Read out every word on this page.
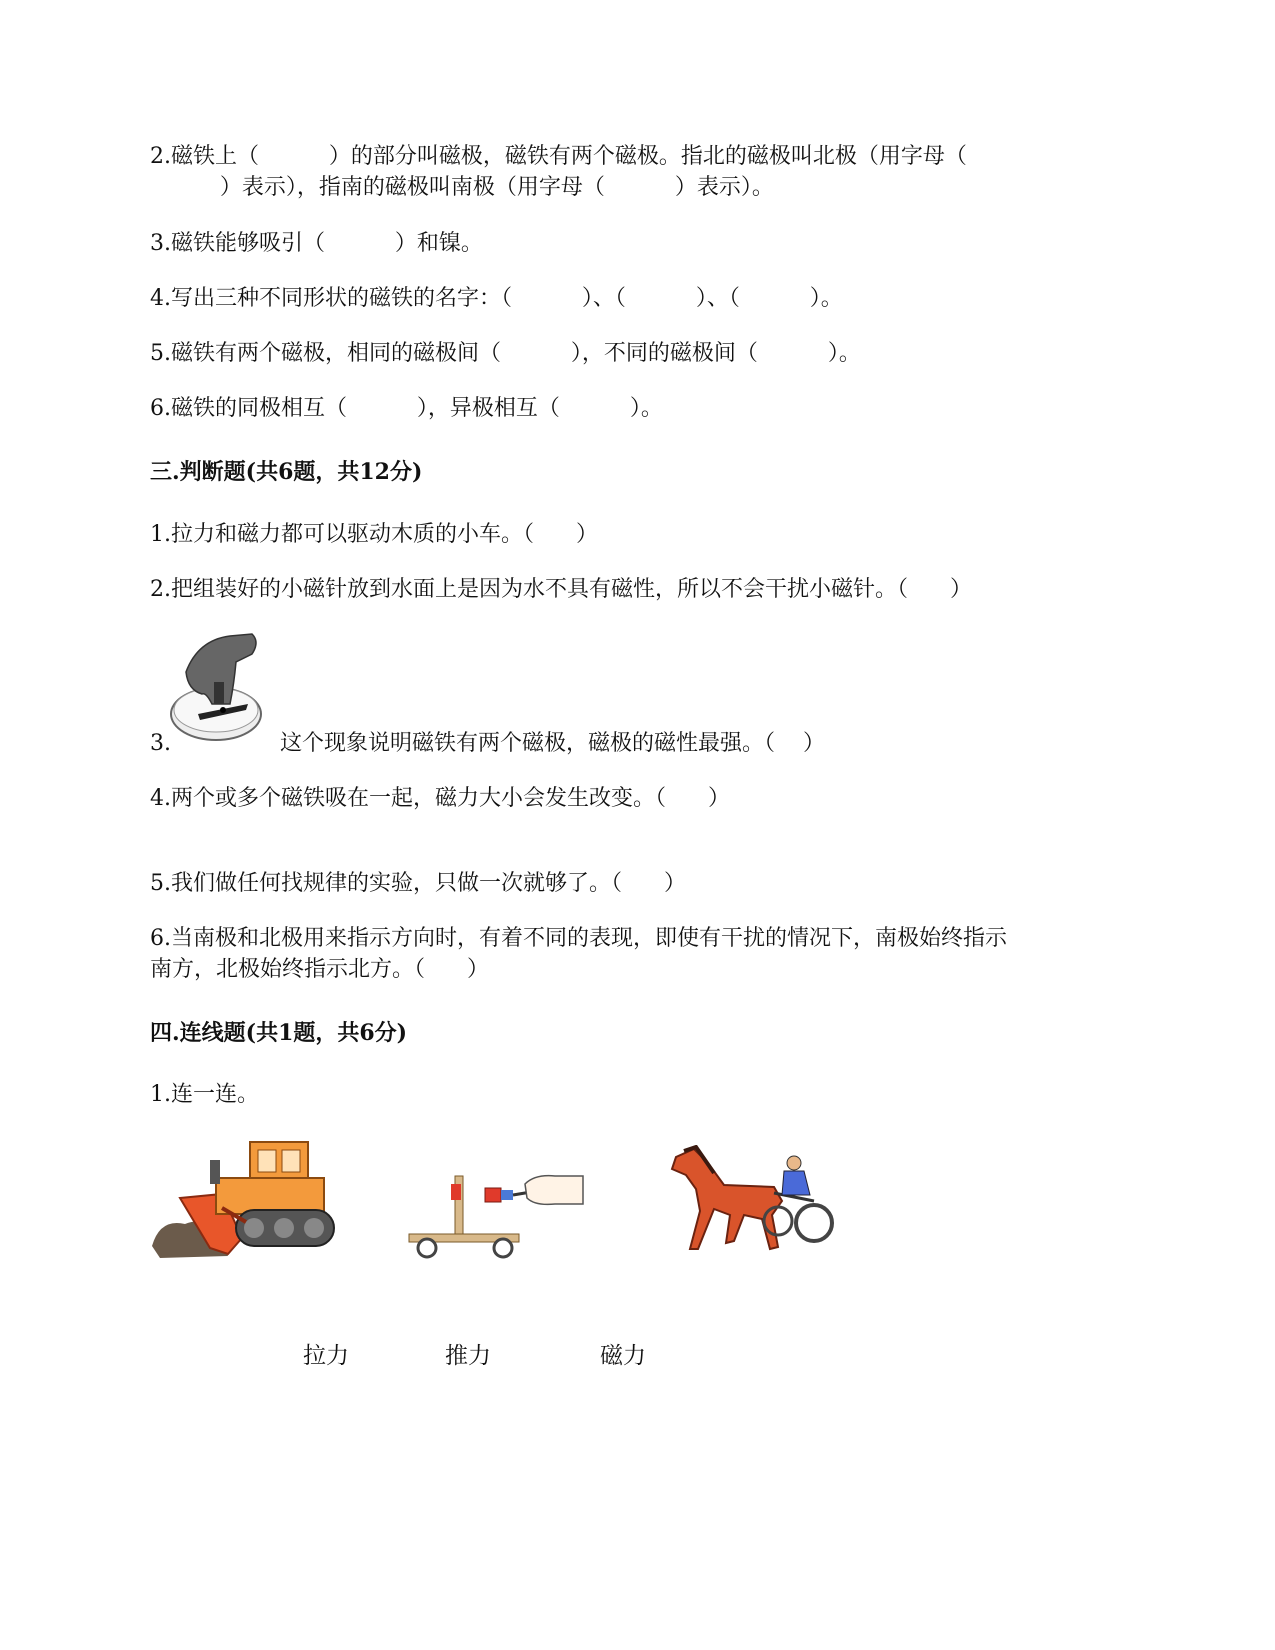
2.磁铁上（          ）的部分叫磁极，磁铁有两个磁极。指北的磁极叫北极（用字母（
）表示），指南的磁极叫南极（用字母（          ）表示）。
3.磁铁能够吸引（          ）和镍。
4.写出三种不同形状的磁铁的名字：（          ）、（          ）、（          ）。
5.磁铁有两个磁极，相同的磁极间（          ），不同的磁极间（          ）。
6.磁铁的同极相互（          ），异极相互（          ）。
三.判断题(共6题，共12分)
1.拉力和磁力都可以驱动木质的小车。（      ）
2.把组装好的小磁针放到水面上是因为水不具有磁性，所以不会干扰小磁针。（      ）
3.	这个现象说明磁铁有两个磁极，磁极的磁性最强。（    ）
4.两个或多个磁铁吸在一起，磁力大小会发生改变。（      ）
5.我们做任何找规律的实验，只做一次就够了。（      ）
6.当南极和北极用来指示方向时，有着不同的表现，即使有干扰的情况下，南极始终指示
南方，北极始终指示北方。（      ）
四.连线题(共1题，共6分)
1.连一连。
拉力	推力	磁力
